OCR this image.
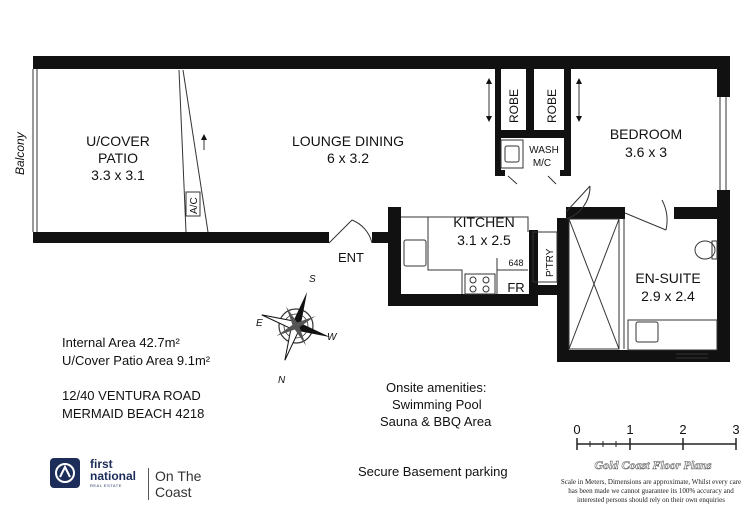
A/C
U/COVER
PATIO
3.3 x 3.1
LOUNGE DINING
6 x 3.2
BEDROOM
3.6 x 3
KITCHEN
3.1 x 2.5
EN-SUITE
2.9 x 2.4
Balcony
ROBE ROBE
WASH
M/C
P'TRY
FR
648
ENT
S
E
W
N
0	1	2	3
Internal Area 42.7m²
U/Cover Patio Area 9.1m²
12/40 VENTURA ROAD
MERMAID BEACH 4218
Onsite amenities:
Swimming Pool
Sauna & BBQ Area
Secure Basement parking
first
national
REAL ESTATE
On The Coast
Gold Coast Floor Plans
Scale in Meters, Dimensions are approximate, Whilst every care has been made we cannot guarantee its 100% accuracy and interested persons should rely on their own enquiries
